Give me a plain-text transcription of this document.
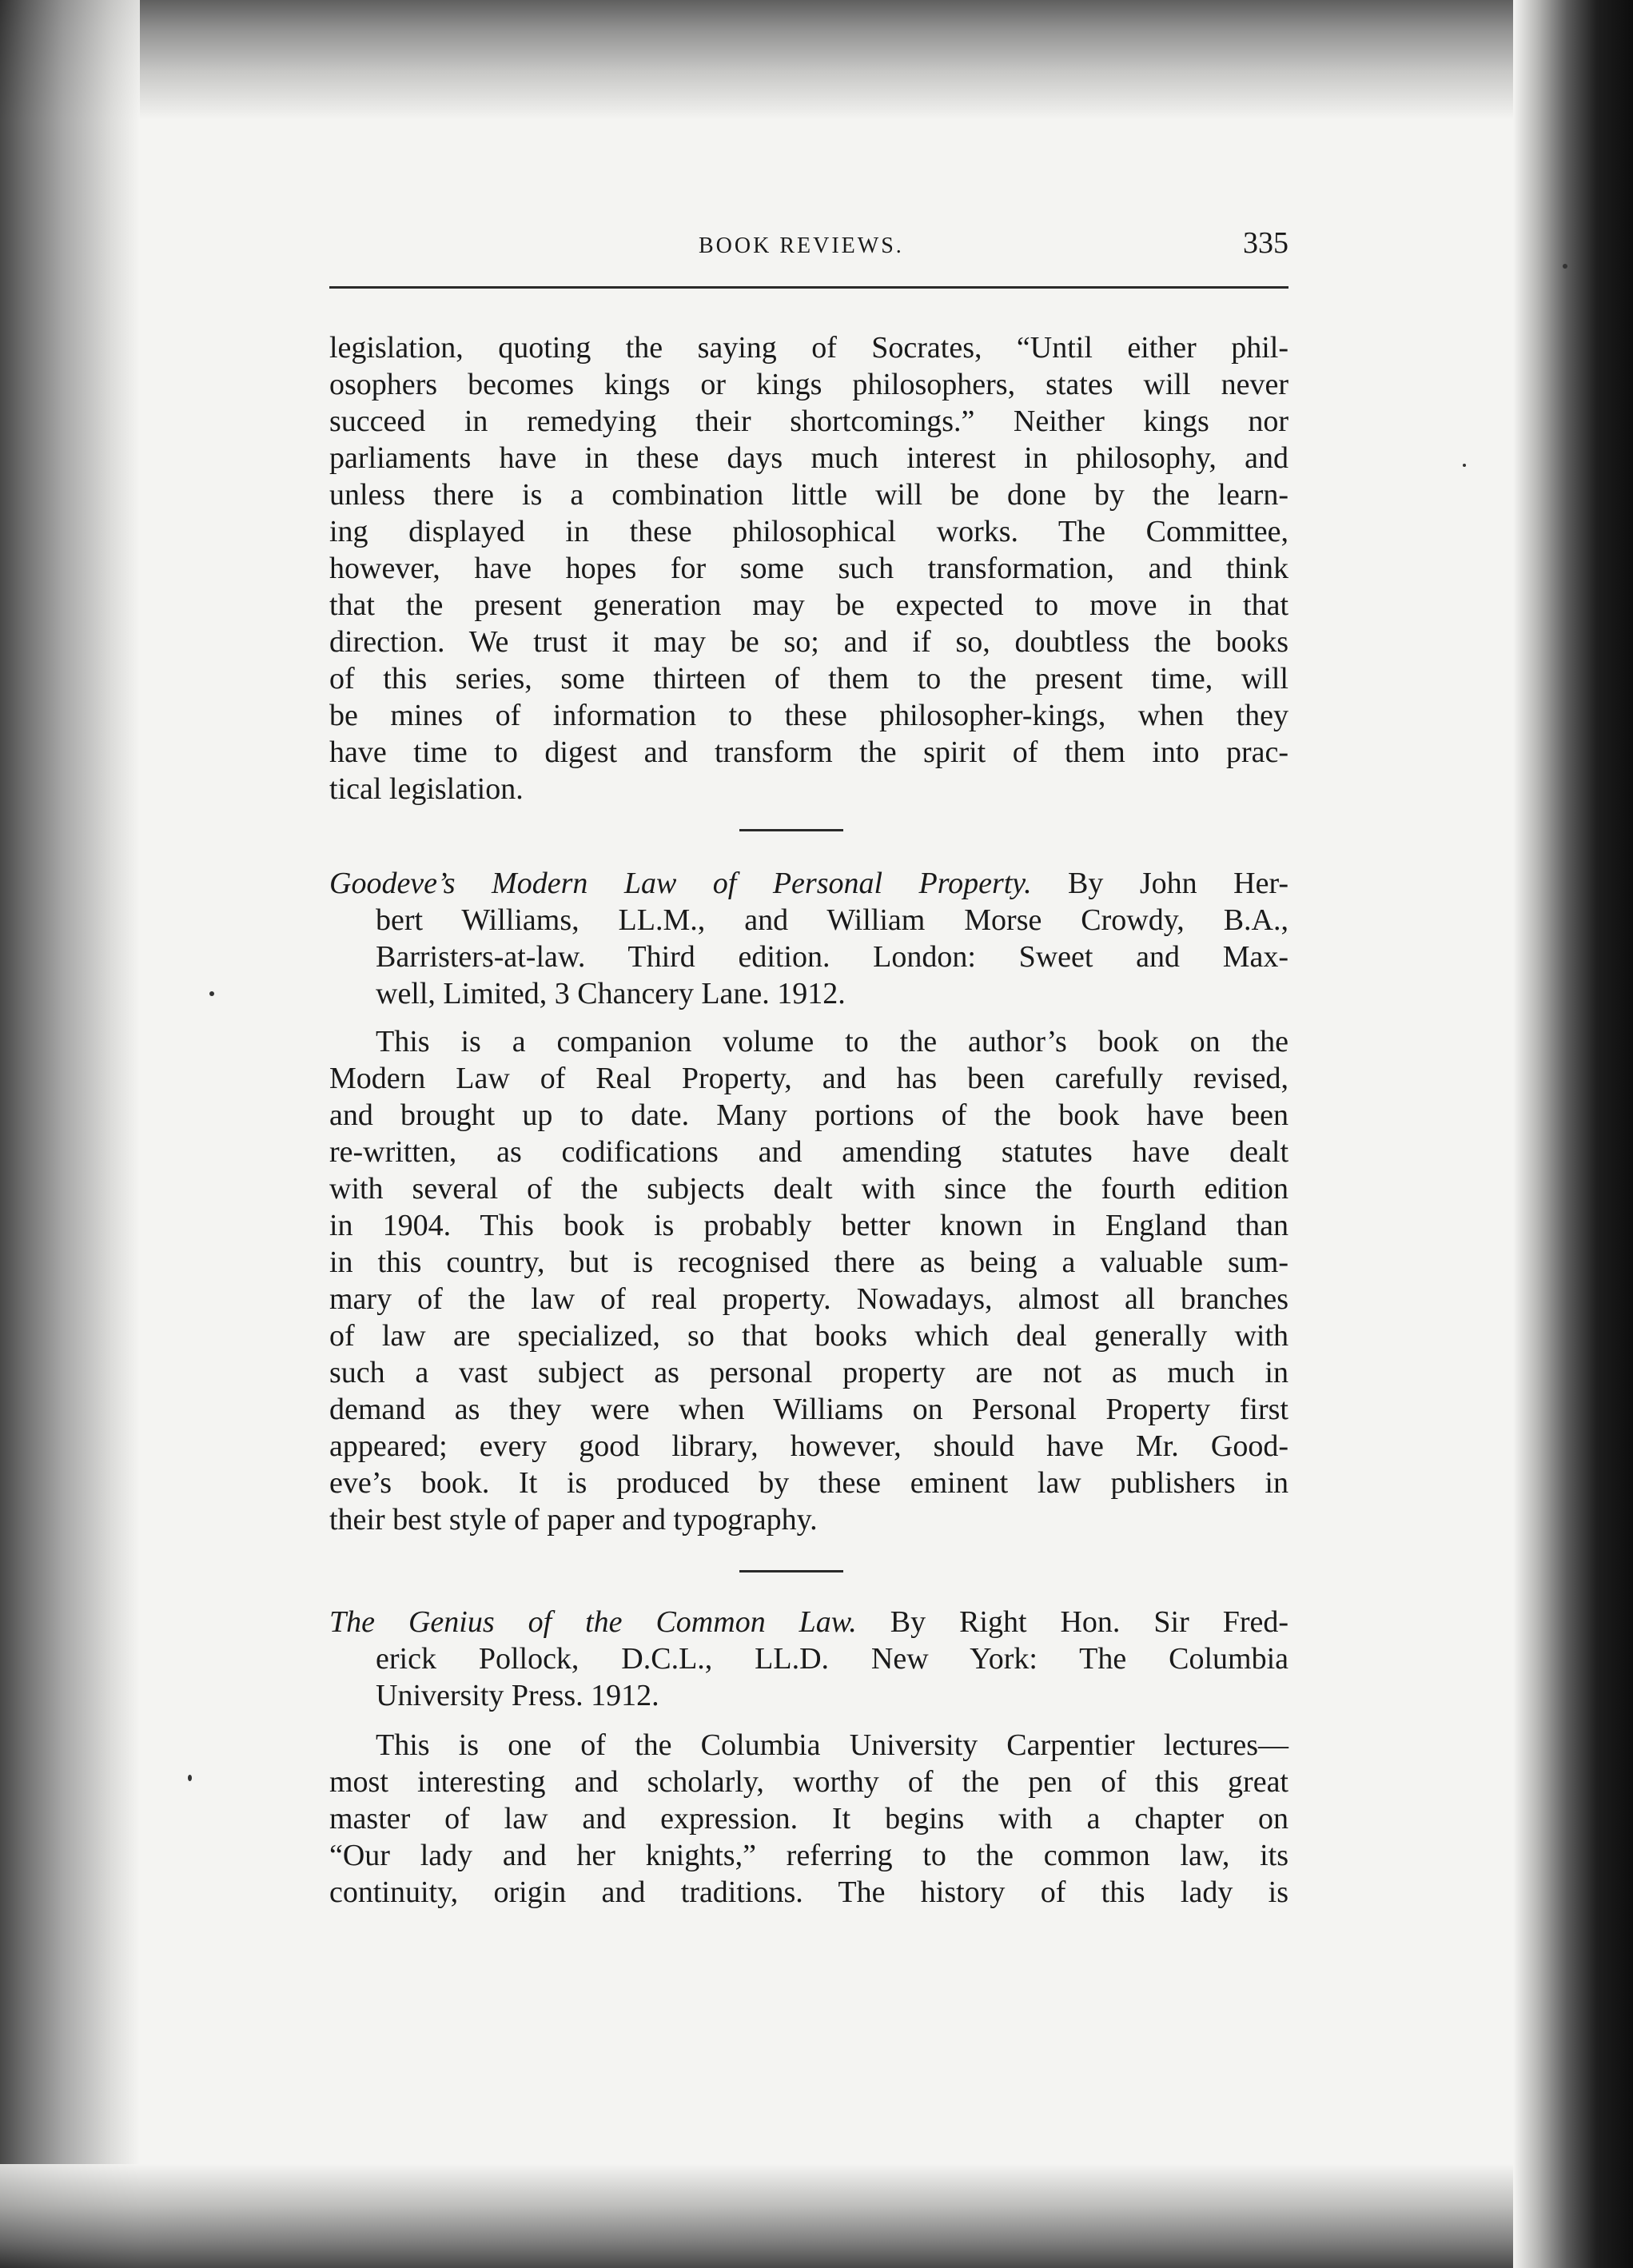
BOOK REVIEWS.	335
legislation, quoting the saying of Socrates, “Until either phil-
osophers becomes kings or kings philosophers, states will never
succeed in remedying their shortcomings.” Neither kings nor
parliaments have in these days much interest in philosophy, and
unless there is a combination little will be done by the learn-
ing displayed in these philosophical works. The Committee,
however, have hopes for some such transformation, and think
that the present generation may be expected to move in that
direction. We trust it may be so; and if so, doubtless the books
of this series, some thirteen of them to the present time, will
be mines of information to these philosopher-kings, when they
have time to digest and transform the spirit of them into prac-
tical legislation.
Goodeve’s Modern Law of Personal Property. By John Her-
bert Williams, LL.M., and William Morse Crowdy, B.A.,
Barristers-at-law. Third edition. London: Sweet and Max-
well, Limited, 3 Chancery Lane. 1912.
This is a companion volume to the author’s book on the
Modern Law of Real Property, and has been carefully revised,
and brought up to date. Many portions of the book have been
re-written, as codifications and amending statutes have dealt
with several of the subjects dealt with since the fourth edition
in 1904. This book is probably better known in England than
in this country, but is recognised there as being a valuable sum-
mary of the law of real property. Nowadays, almost all branches
of law are specialized, so that books which deal generally with
such a vast subject as personal property are not as much in
demand as they were when Williams on Personal Property first
appeared; every good library, however, should have Mr. Good-
eve’s book. It is produced by these eminent law publishers in
their best style of paper and typography.
The Genius of the Common Law. By Right Hon. Sir Fred-
erick Pollock, D.C.L., LL.D. New York: The Columbia
University Press. 1912.
This is one of the Columbia University Carpentier lectures—
most interesting and scholarly, worthy of the pen of this great
master of law and expression. It begins with a chapter on
“Our lady and her knights,” referring to the common law, its
continuity, origin and traditions. The history of this lady is
